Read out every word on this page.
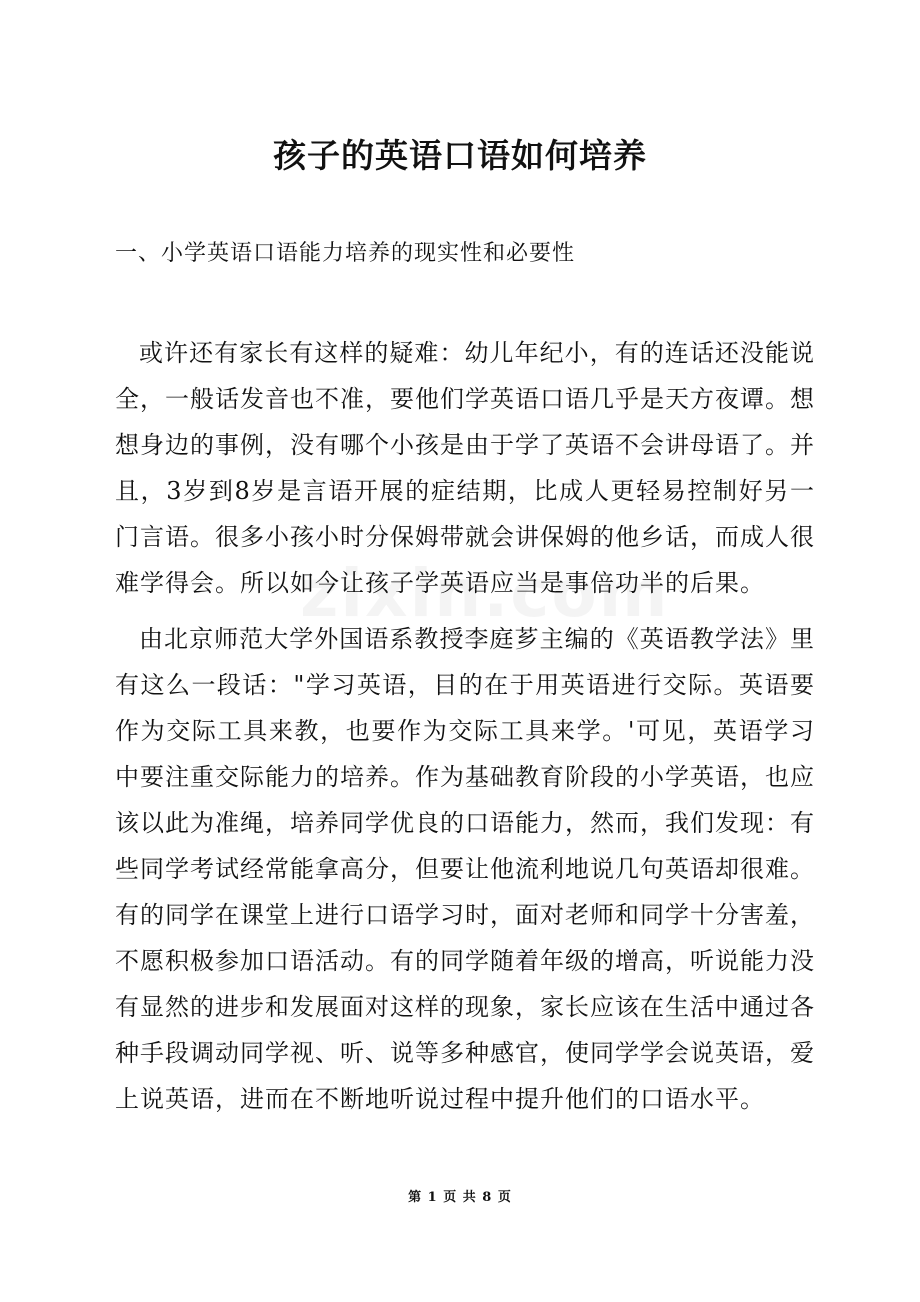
孩子的英语口语如何培养
一、小学英语口语能力培养的现实性和必要性

或许还有家长有这样的疑难：幼儿年纪小，有的连话还没能说全，一般话发音也不准，要他们学英语口语几乎是天方夜谭。想想身边的事例，没有哪个小孩是由于学了英语不会讲母语了。并且，3岁到8岁是言语开展的症结期，比成人更轻易控制好另一门言语。很多小孩小时分保姆带就会讲保姆的他乡话，而成人很难学得会。所以如今让孩子学英语应当是事倍功半的后果。

由北京师范大学外国语系教授李庭芗主编的《英语教学法》里有这么一段话："学习英语，目的在于用英语进行交际。英语要作为交际工具来教，也要作为交际工具来学。'可见，英语学习中要注重交际能力的培养。作为基础教育阶段的小学英语，也应该以此为准绳，培养同学优良的口语能力，然而，我们发现：有些同学考试经常能拿高分，但要让他流利地说几句英语却很难。有的同学在课堂上进行口语学习时，面对老师和同学十分害羞，不愿积极参加口语活动。有的同学随着年级的增高，听说能力没有显然的进步和发展面对这样的现象，家长应该在生活中通过各种手段调动同学视、听、说等多种感官，使同学学会说英语，爱上说英语，进而在不断地听说过程中提升他们的口语水平。

第 1 页 共 8 页
